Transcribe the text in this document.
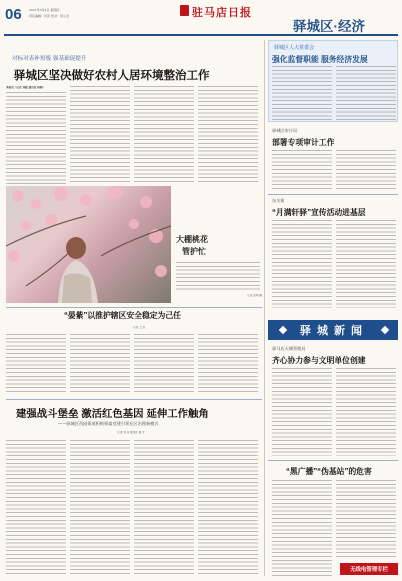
06 2021年3月4日 星期四
责任编辑：许萍 校对：吴小会	驻马店日报
驿城区·经济
对标对表补短板 强基础促提升
驿城区坚决做好农村人居环境整治工作
本报讯（记者 刘振 通讯员 杨硕）
大棚桃花
管护忙
记者 张明 摄
“晏紫”以推护辖区安全稳定为己任
记者 王 涛
建强战斗堡垒 激活红色基因 延伸工作触角
——驿城区西园街道积极探索党建引领社区治理新模式
记者 刘 亮 通讯员 鲁 丰
驿城区人大常委会
强化监督职能 服务经济发展
驿城区审计局
部署专项审计工作
东关街
“月满轩驿”宣传活动进基层
驿城新闻
驿马店天城管理局
齐心协力参与文明单位创建
“黑广播”“伪基站”的危害
无线电管理专栏
